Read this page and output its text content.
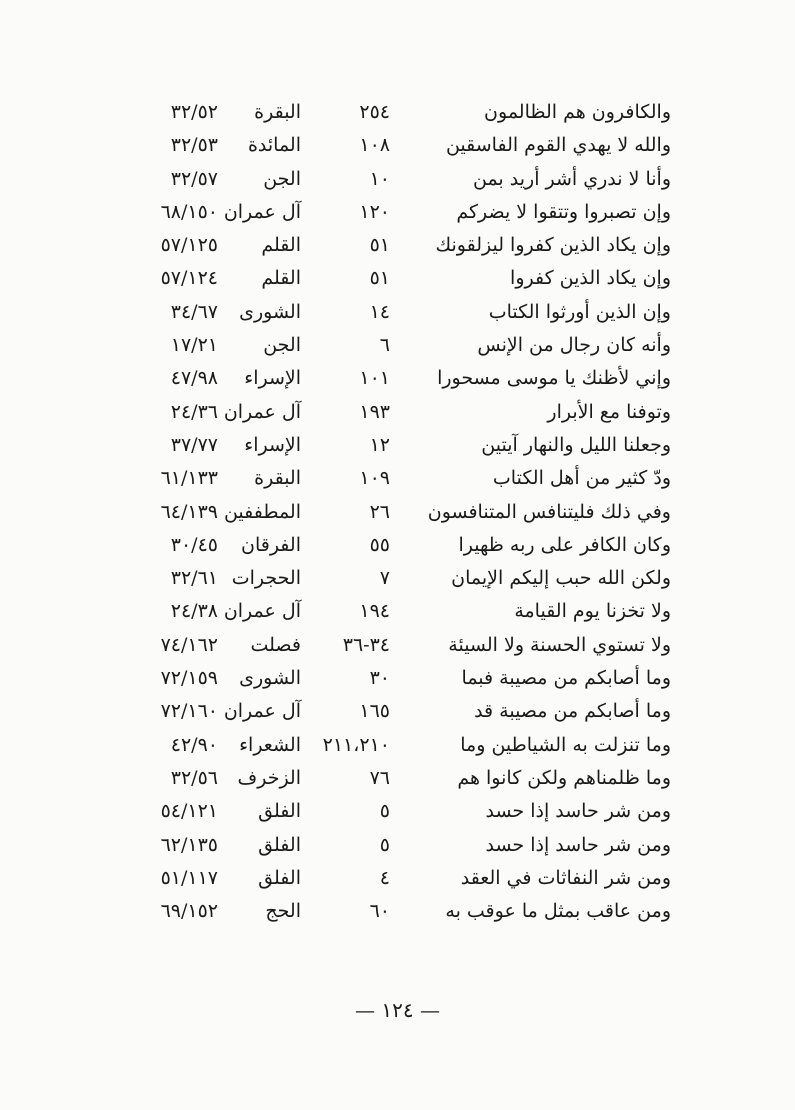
والكافرون هم الظالمون
٢٥٤
البقرة
٣٢/٥٢
والله لا يهدي القوم الفاسقين
١٠٨
المائدة
٣٢/٥٣
وأنا لا ندري أشر أريد بمن
١٠
الجن
٣٢/٥٧
وإن تصبروا وتتقوا لا يضركم
١٢٠
آل عمران
٦٨/١٥٠
وإن يكاد الذين كفروا ليزلقونك
٥١
القلم
٥٧/١٢٥
وإن يكاد الذين كفروا
٥١
القلم
٥٧/١٢٤
وإن الذين أورثوا الكتاب
١٤
الشورى
٣٤/٦٧
وأنه كان رجال من الإنس
٦
الجن
١٧/٢١
وإني لأظنك يا موسى مسحورا
١٠١
الإسراء
٤٧/٩٨
وتوفنا مع الأبرار
١٩٣
آل عمران
٢٤/٣٦
وجعلنا الليل والنهار آيتين
١٢
الإسراء
٣٧/٧٧
ودّ كثير من أهل الكتاب
١٠٩
البقرة
٦١/١٣٣
وفي ذلك فليتنافس المتنافسون
٢٦
المطففين
٦٤/١٣٩
وكان الكافر على ربه ظهيرا
٥٥
الفرقان
٣٠/٤٥
ولكن الله حبب إليكم الإيمان
٧
الحجرات
٣٢/٦١
ولا تخزنا يوم القيامة
١٩٤
آل عمران
٢٤/٣٨
ولا تستوي الحسنة ولا السيئة
٣٤-٣٦
فصلت
٧٤/١٦٢
وما أصابكم من مصيبة فبما
٣٠
الشورى
٧٢/١٥٩
وما أصابكم من مصيبة قد
١٦٥
آل عمران
٧٢/١٦٠
وما تنزلت به الشياطين وما
٢١١،٢١٠
الشعراء
٤٢/٩٠
وما ظلمناهم ولكن كانوا هم
٧٦
الزخرف
٣٢/٥٦
ومن شر حاسد إذا حسد
٥
الفلق
٥٤/١٢١
ومن شر حاسد إذا حسد
٥
الفلق
٦٢/١٣٥
ومن شر النفاثات في العقد
٤
الفلق
٥١/١١٧
ومن عاقب بمثل ما عوقب به
٦٠
الحج
٦٩/١٥٢
— ١٢٤ —
